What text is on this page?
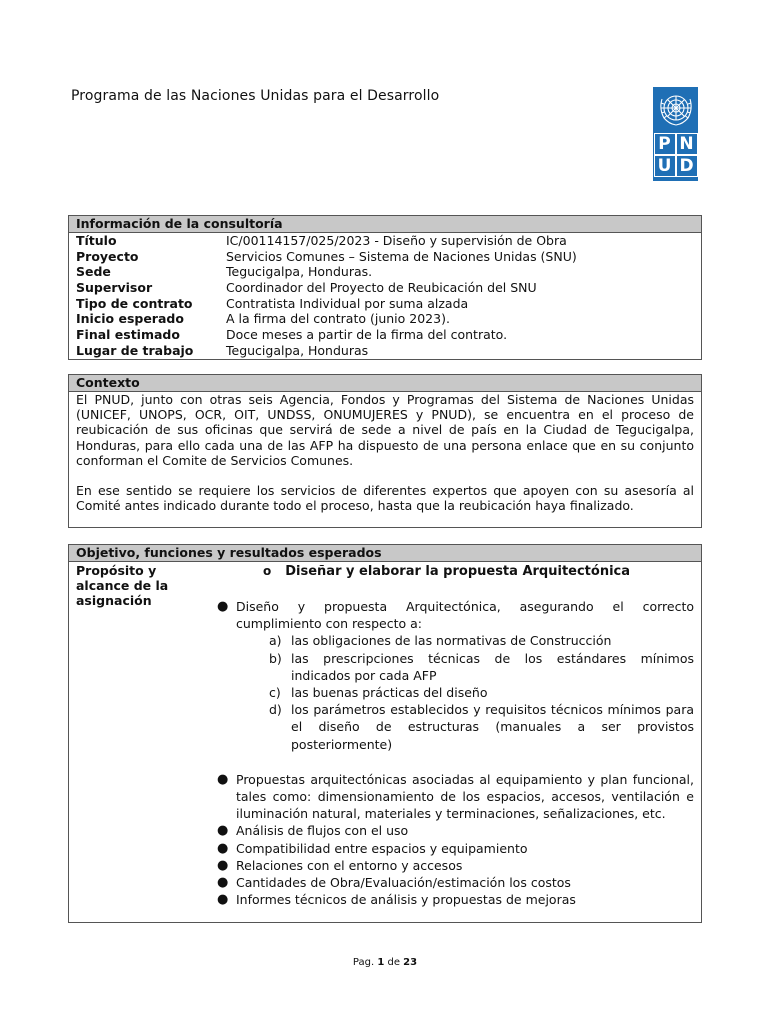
Programa de las Naciones Unidas para el Desarrollo
P N
U D
Información de la consultoría
Título	IC/00114157/025/2023 - Diseño y supervisión de Obra
Proyecto	Servicios Comunes – Sistema de Naciones Unidas (SNU)
Sede	Tegucigalpa, Honduras.
Supervisor	Coordinador del Proyecto de Reubicación del SNU
Tipo de contrato	Contratista Individual por suma alzada
Inicio esperado	A la firma del contrato (junio 2023).
Final estimado	Doce meses a partir de la firma del contrato.
Lugar de trabajo	Tegucigalpa, Honduras
Contexto

El PNUD, junto con otras seis Agencia, Fondos y Programas del Sistema de Naciones Unidas (UNICEF, UNOPS, OCR, OIT, UNDSS, ONUMUJERES y PNUD), se encuentra en el proceso de reubicación de sus oficinas que servirá de sede a nivel de país en la Ciudad de Tegucigalpa, Honduras, para ello cada una de las AFP ha dispuesto de una persona enlace que en su conjunto conforman el Comite de Servicios Comunes.

En ese sentido se requiere los servicios de diferentes expertos que apoyen con su asesoría al Comité antes indicado durante todo el proceso, hasta que la reubicación haya finalizado.

Objetivo, funciones y resultados esperados
Propósito y alcance de la asignación
o Diseñar y elaborar la propuesta Arquitectónica
● Diseño y propuesta Arquitectónica, asegurando el correcto cumplimiento con respecto a:
a) las obligaciones de las normativas de Construcción
b) las prescripciones técnicas de los estándares mínimos indicados por cada AFP
c) las buenas prácticas del diseño
d) los parámetros establecidos y requisitos técnicos mínimos para el diseño de estructuras (manuales a ser provistos posteriormente)
● Propuestas arquitectónicas asociadas al equipamiento y plan funcional, tales como: dimensionamiento de los espacios, accesos, ventilación e iluminación natural, materiales y terminaciones, señalizaciones, etc.
● Análisis de flujos con el uso
● Compatibilidad entre espacios y equipamiento
● Relaciones con el entorno y accesos
● Cantidades de Obra/Evaluación/estimación los costos
● Informes técnicos de análisis y propuestas de mejoras
Pag. 1 de 23
